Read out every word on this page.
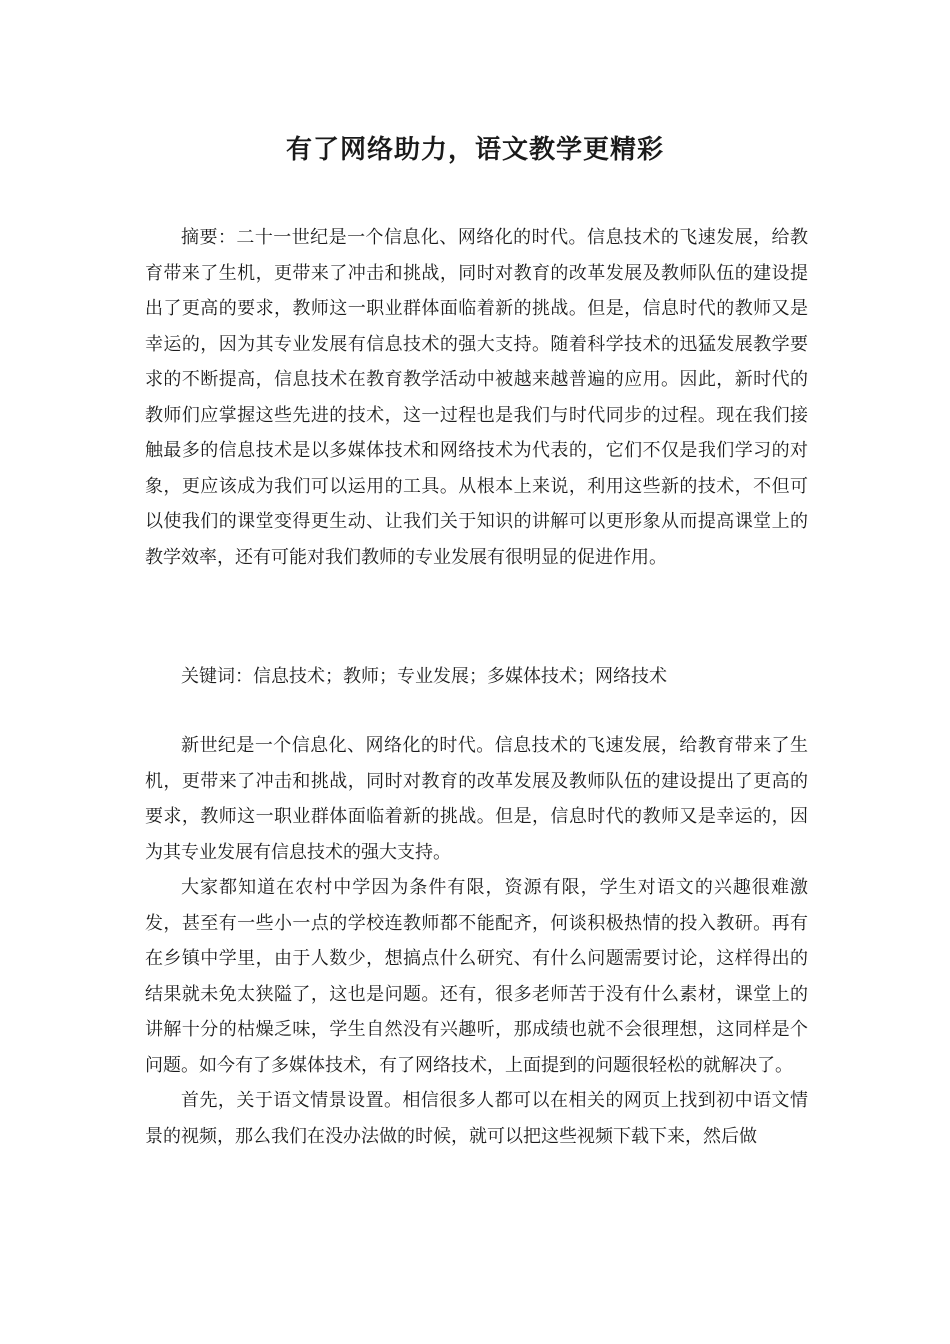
有了网络助力，语文教学更精彩

摘要：二十一世纪是一个信息化、网络化的时代。信息技术的飞速发展，给教育带来了生机，更带来了冲击和挑战，同时对教育的改革发展及教师队伍的建设提出了更高的要求，教师这一职业群体面临着新的挑战。但是，信息时代的教师又是幸运的，因为其专业发展有信息技术的强大支持。随着科学技术的迅猛发展教学要求的不断提高，信息技术在教育教学活动中被越来越普遍的应用。因此，新时代的教师们应掌握这些先进的技术，这一过程也是我们与时代同步的过程。现在我们接触最多的信息技术是以多媒体技术和网络技术为代表的，它们不仅是我们学习的对象，更应该成为我们可以运用的工具。从根本上来说，利用这些新的技术，不但可以使我们的课堂变得更生动、让我们关于知识的讲解可以更形象从而提高课堂上的教学效率，还有可能对我们教师的专业发展有很明显的促进作用。

关键词：信息技术；教师；专业发展；多媒体技术；网络技术

新世纪是一个信息化、网络化的时代。信息技术的飞速发展，给教育带来了生机，更带来了冲击和挑战，同时对教育的改革发展及教师队伍的建设提出了更高的要求，教师这一职业群体面临着新的挑战。但是，信息时代的教师又是幸运的，因为其专业发展有信息技术的强大支持。

大家都知道在农村中学因为条件有限，资源有限，学生对语文的兴趣很难激发，甚至有一些小一点的学校连教师都不能配齐，何谈积极热情的投入教研。再有在乡镇中学里，由于人数少，想搞点什么研究、有什么问题需要讨论，这样得出的结果就未免太狭隘了，这也是问题。还有，很多老师苦于没有什么素材，课堂上的讲解十分的枯燥乏味，学生自然没有兴趣听，那成绩也就不会很理想，这同样是个问题。如今有了多媒体技术，有了网络技术，上面提到的问题很轻松的就解决了。

首先，关于语文情景设置。相信很多人都可以在相关的网页上找到初中语文情景的视频，那么我们在没办法做的时候，就可以把这些视频下载下来，然后做
